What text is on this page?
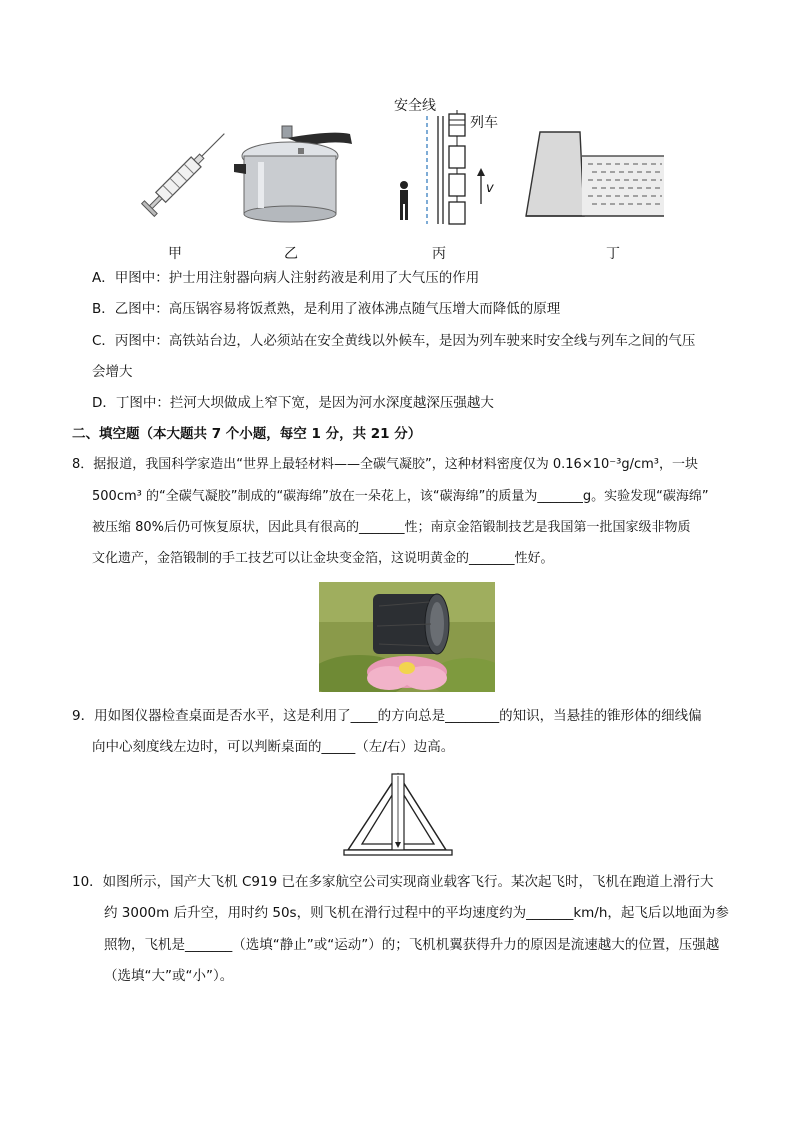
安全线
列车
v
甲	乙	丙	丁
A．甲图中：护士用注射器向病人注射药液是利用了大气压的作用
B．乙图中：高压锅容易将饭煮熟，是利用了液体沸点随气压增大而降低的原理
C．丙图中：高铁站台边，人必须站在安全黄线以外候车，是因为列车驶来时安全线与列车之间的气压
会增大
D．丁图中：拦河大坝做成上窄下宽，是因为河水深度越深压强越大
二、填空题（本大题共 7 个小题，每空 1 分，共 21 分）
8．据报道，我国科学家造出“世界上最轻材料——全碳气凝胶”，这种材料密度仅为 0.16×10⁻³g/cm³，一块
500cm³ 的“全碳气凝胶”制成的“碳海绵”放在一朵花上，该“碳海绵”的质量为_______g。实验发现“碳海绵”
被压缩 80%后仍可恢复原状，因此具有很高的_______性；南京金箔锻制技艺是我国第一批国家级非物质
文化遗产，金箔锻制的手工技艺可以让金块变金箔，这说明黄金的_______性好。
9．用如图仪器检查桌面是否水平，这是利用了____的方向总是________的知识，当悬挂的锥形体的细线偏
向中心刻度线左边时，可以判断桌面的_____（左/右）边高。
10．如图所示，国产大飞机 C919 已在多家航空公司实现商业载客飞行。某次起飞时，飞机在跑道上滑行大
约 3000m 后升空，用时约 50s，则飞机在滑行过程中的平均速度约为_______km/h，起飞后以地面为参
照物，飞机是_______（选填“静止”或“运动”）的；飞机机翼获得升力的原因是流速越大的位置，压强越
（选填“大”或“小”）。
